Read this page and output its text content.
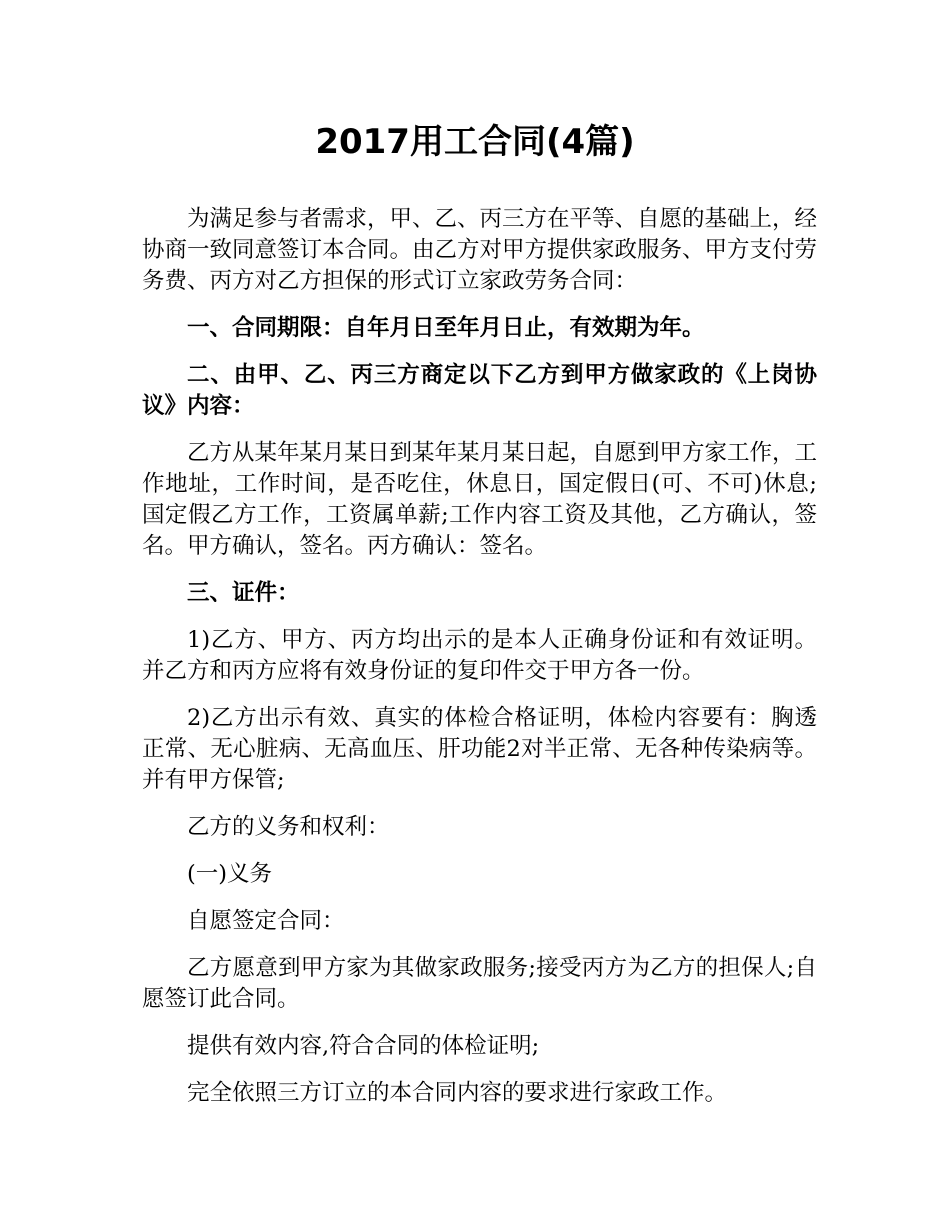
2017用工合同(4篇)

为满足参与者需求，甲、乙、丙三方在平等、自愿的基础上，经协商一致同意签订本合同。由乙方对甲方提供家政服务、甲方支付劳务费、丙方对乙方担保的形式订立家政劳务合同：

一、合同期限：自年月日至年月日止，有效期为年。

二、由甲、乙、丙三方商定以下乙方到甲方做家政的《上岗协议》内容：

乙方从某年某月某日到某年某月某日起，自愿到甲方家工作，工作地址，工作时间，是否吃住，休息日，国定假日(可、不可)休息;国定假乙方工作，工资属单薪;工作内容工资及其他，乙方确认，签名。甲方确认，签名。丙方确认：签名。

三、证件：

1)乙方、甲方、丙方均出示的是本人正确身份证和有效证明。并乙方和丙方应将有效身份证的复印件交于甲方各一份。

2)乙方出示有效、真实的体检合格证明，体检内容要有：胸透正常、无心脏病、无高血压、肝功能2对半正常、无各种传染病等。并有甲方保管;

乙方的义务和权利：

(一)义务

自愿签定合同：

乙方愿意到甲方家为其做家政服务;接受丙方为乙方的担保人;自愿签订此合同。

提供有效内容,符合合同的体检证明;

完全依照三方订立的本合同内容的要求进行家政工作。
